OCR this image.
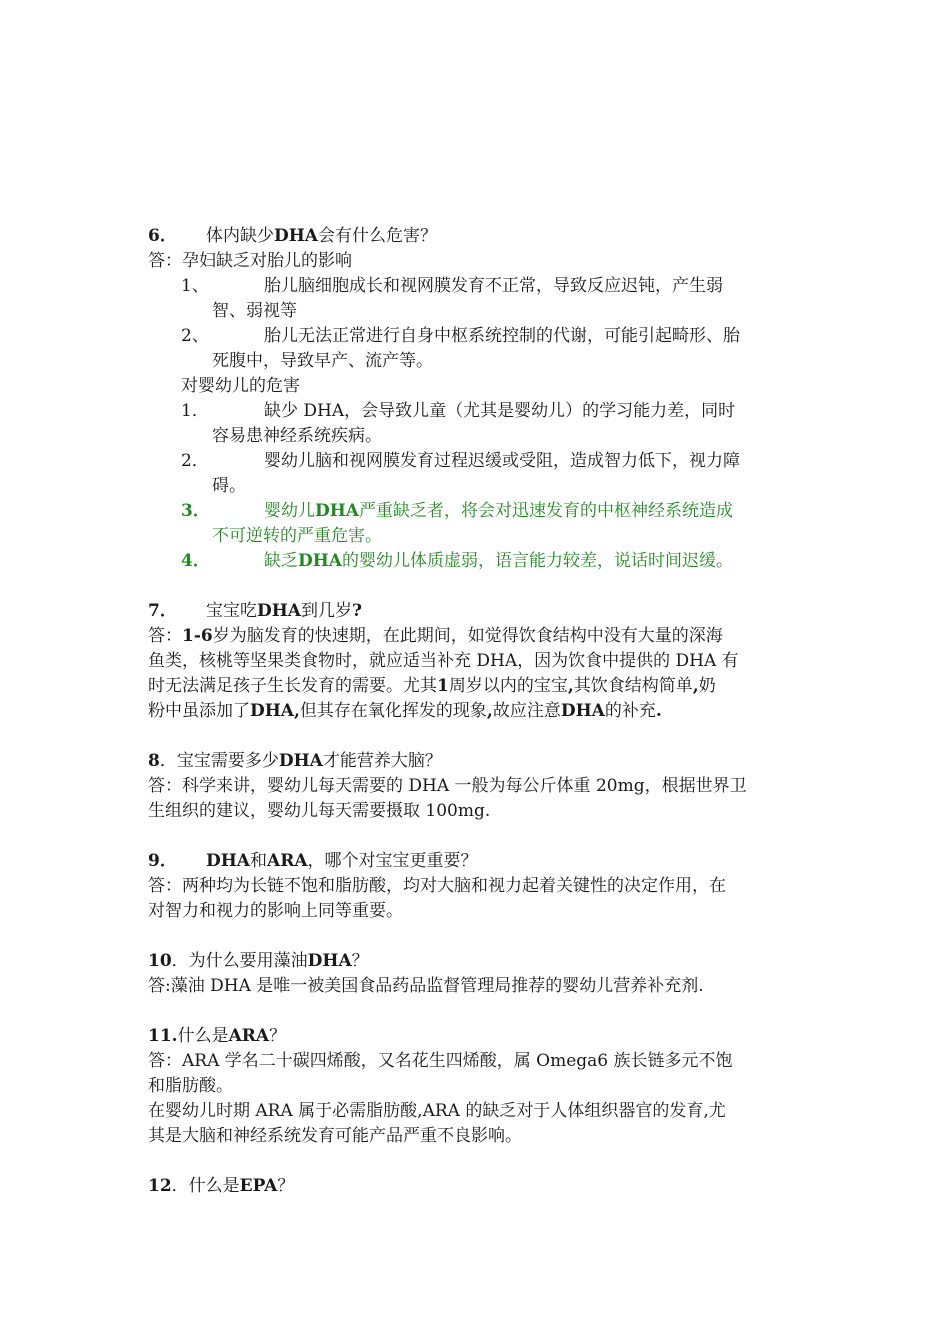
6． 体内缺少DHA会有什么危害？

答：孕妇缺乏对胎儿的影响

1、	胎儿脑细胞成长和视网膜发育不正常，导致反应迟钝，产生弱

智、弱视等

2、	胎儿无法正常进行自身中枢系统控制的代谢，可能引起畸形、胎

死腹中，导致早产、流产等。

对婴幼儿的危害

1．	缺少 DHA，会导致儿童（尤其是婴幼儿）的学习能力差，同时

容易患神经系统疾病。

2．	婴幼儿脑和视网膜发育过程迟缓或受阻，造成智力低下，视力障

碍。

3．	婴幼儿DHA严重缺乏者，将会对迅速发育的中枢神经系统造成

不可逆转的严重危害。

4．	缺乏DHA的婴幼儿体质虚弱，语言能力较差，说话时间迟缓。

7． 宝宝吃DHA到几岁?

答：1-6岁为脑发育的快速期，在此期间，如觉得饮食结构中没有大量的深海

鱼类，核桃等坚果类食物时，就应适当补充 DHA，因为饮食中提供的 DHA 有

时无法满足孩子生长发育的需要。尤其1周岁以内的宝宝,其饮食结构简单,奶

粉中虽添加了DHA,但其存在氧化挥发的现象,故应注意DHA的补充.

8．宝宝需要多少DHA才能营养大脑？

答：科学来讲，婴幼儿每天需要的 DHA 一般为每公斤体重 20mg，根据世界卫

生组织的建议，婴幼儿每天需要摄取 100mg.

9． DHA和ARA，哪个对宝宝更重要？

答：两种均为长链不饱和脂肪酸，均对大脑和视力起着关键性的决定作用，在

对智力和视力的影响上同等重要。

10．为什么要用藻油DHA？

答:藻油 DHA 是唯一被美国食品药品监督管理局推荐的婴幼儿营养补充剂.

11.什么是ARA？

答：ARA 学名二十碳四烯酸，又名花生四烯酸，属 Omega6 族长链多元不饱

和脂肪酸。

在婴幼儿时期 ARA 属于必需脂肪酸,ARA 的缺乏对于人体组织器官的发育,尤

其是大脑和神经系统发育可能产品严重不良影响。

12．什么是EPA？
